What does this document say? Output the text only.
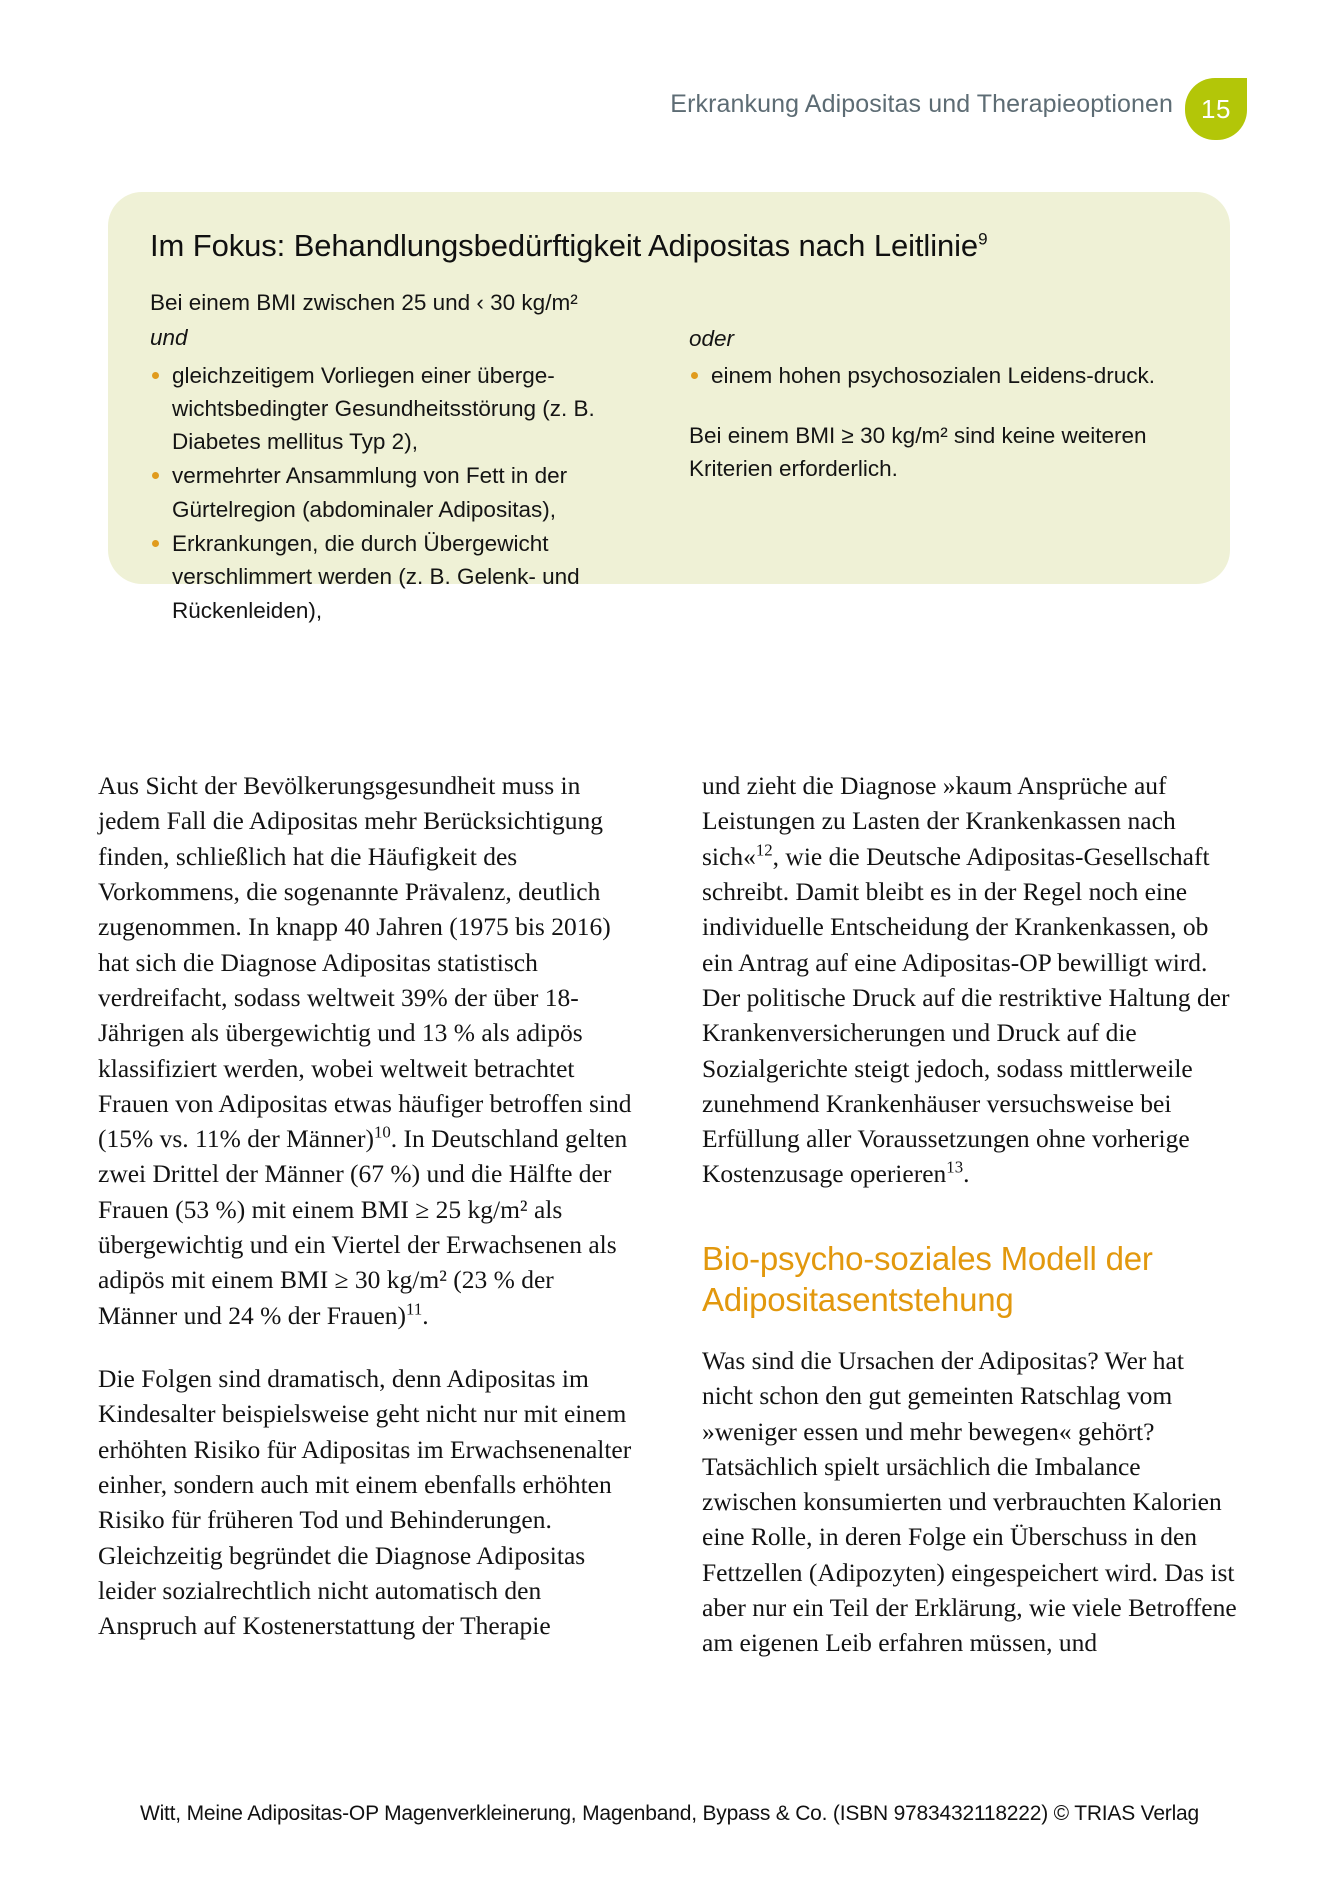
Erkrankung Adipositas und Therapieoptionen	15
Im Fokus: Behandlungsbedürftigkeit Adipositas nach Leitlinie$^9$

Bei einem BMI zwischen 25 und ‹ 30 kg/m²

und

gleichzeitigem Vorliegen einer überge-wichtsbedingter Gesundheitsstörung (z. B. Diabetes mellitus Typ 2),
vermehrter Ansammlung von Fett in der Gürtelregion (abdominaler Adipositas),
Erkrankungen, die durch Übergewicht verschlimmert werden (z. B. Gelenk- und Rückenleiden),

oder

einem hohen psychosozialen Leidens-druck.

Bei einem BMI ≥ 30 kg/m² sind keine weiteren Kriterien erforderlich.

Aus Sicht der Bevölkerungsgesundheit muss in jedem Fall die Adipositas mehr Berücksichtigung finden, schließlich hat die Häufigkeit des Vorkommens, die sogenannte Prävalenz, deutlich zugenommen. In knapp 40 Jahren (1975 bis 2016) hat sich die Diagnose Adipositas statistisch verdreifacht, sodass weltweit 39% der über 18-Jährigen als übergewichtig und 13 % als adipös klassifiziert werden, wobei weltweit betrachtet Frauen von Adipositas etwas häufiger betroffen sind (15% vs. 11% der Männer)$^{10}$. In Deutschland gelten zwei Drittel der Männer (67 %) und die Hälfte der Frauen (53 %) mit einem BMI ≥ 25 kg/m² als übergewichtig und ein Viertel der Erwachsenen als adipös mit einem BMI ≥ 30 kg/m² (23 % der Männer und 24 % der Frauen)$^{11}$.

Die Folgen sind dramatisch, denn Adipositas im Kindesalter beispielsweise geht nicht nur mit einem erhöhten Risiko für Adipositas im Erwachsenenalter einher, sondern auch mit einem ebenfalls erhöhten Risiko für früheren Tod und Behinderungen. Gleichzeitig begründet die Diagnose Adipositas leider sozialrechtlich nicht automatisch den Anspruch auf Kostenerstattung der Therapie

und zieht die Diagnose »kaum Ansprüche auf Leistungen zu Lasten der Krankenkassen nach sich«$^{12}$, wie die Deutsche Adipositas-Gesellschaft schreibt. Damit bleibt es in der Regel noch eine individuelle Entscheidung der Krankenkassen, ob ein Antrag auf eine Adipositas-OP bewilligt wird. Der politische Druck auf die restriktive Haltung der Krankenversicherungen und Druck auf die Sozialgerichte steigt jedoch, sodass mittlerweile zunehmend Krankenhäuser versuchsweise bei Erfüllung aller Voraussetzungen ohne vorherige Kostenzusage operieren$^{13}$.

Bio-psycho-soziales Modell der Adipositasentstehung

Was sind die Ursachen der Adipositas? Wer hat nicht schon den gut gemeinten Ratschlag vom »weniger essen und mehr bewegen« gehört? Tatsächlich spielt ursächlich die Imbalance zwischen konsumierten und verbrauchten Kalorien eine Rolle, in deren Folge ein Überschuss in den Fettzellen (Adipozyten) eingespeichert wird. Das ist aber nur ein Teil der Erklärung, wie viele Betroffene am eigenen Leib erfahren müssen, und

Witt, Meine Adipositas-OP Magenverkleinerung, Magenband, Bypass & Co. (ISBN 9783432118222) © TRIAS Verlag
